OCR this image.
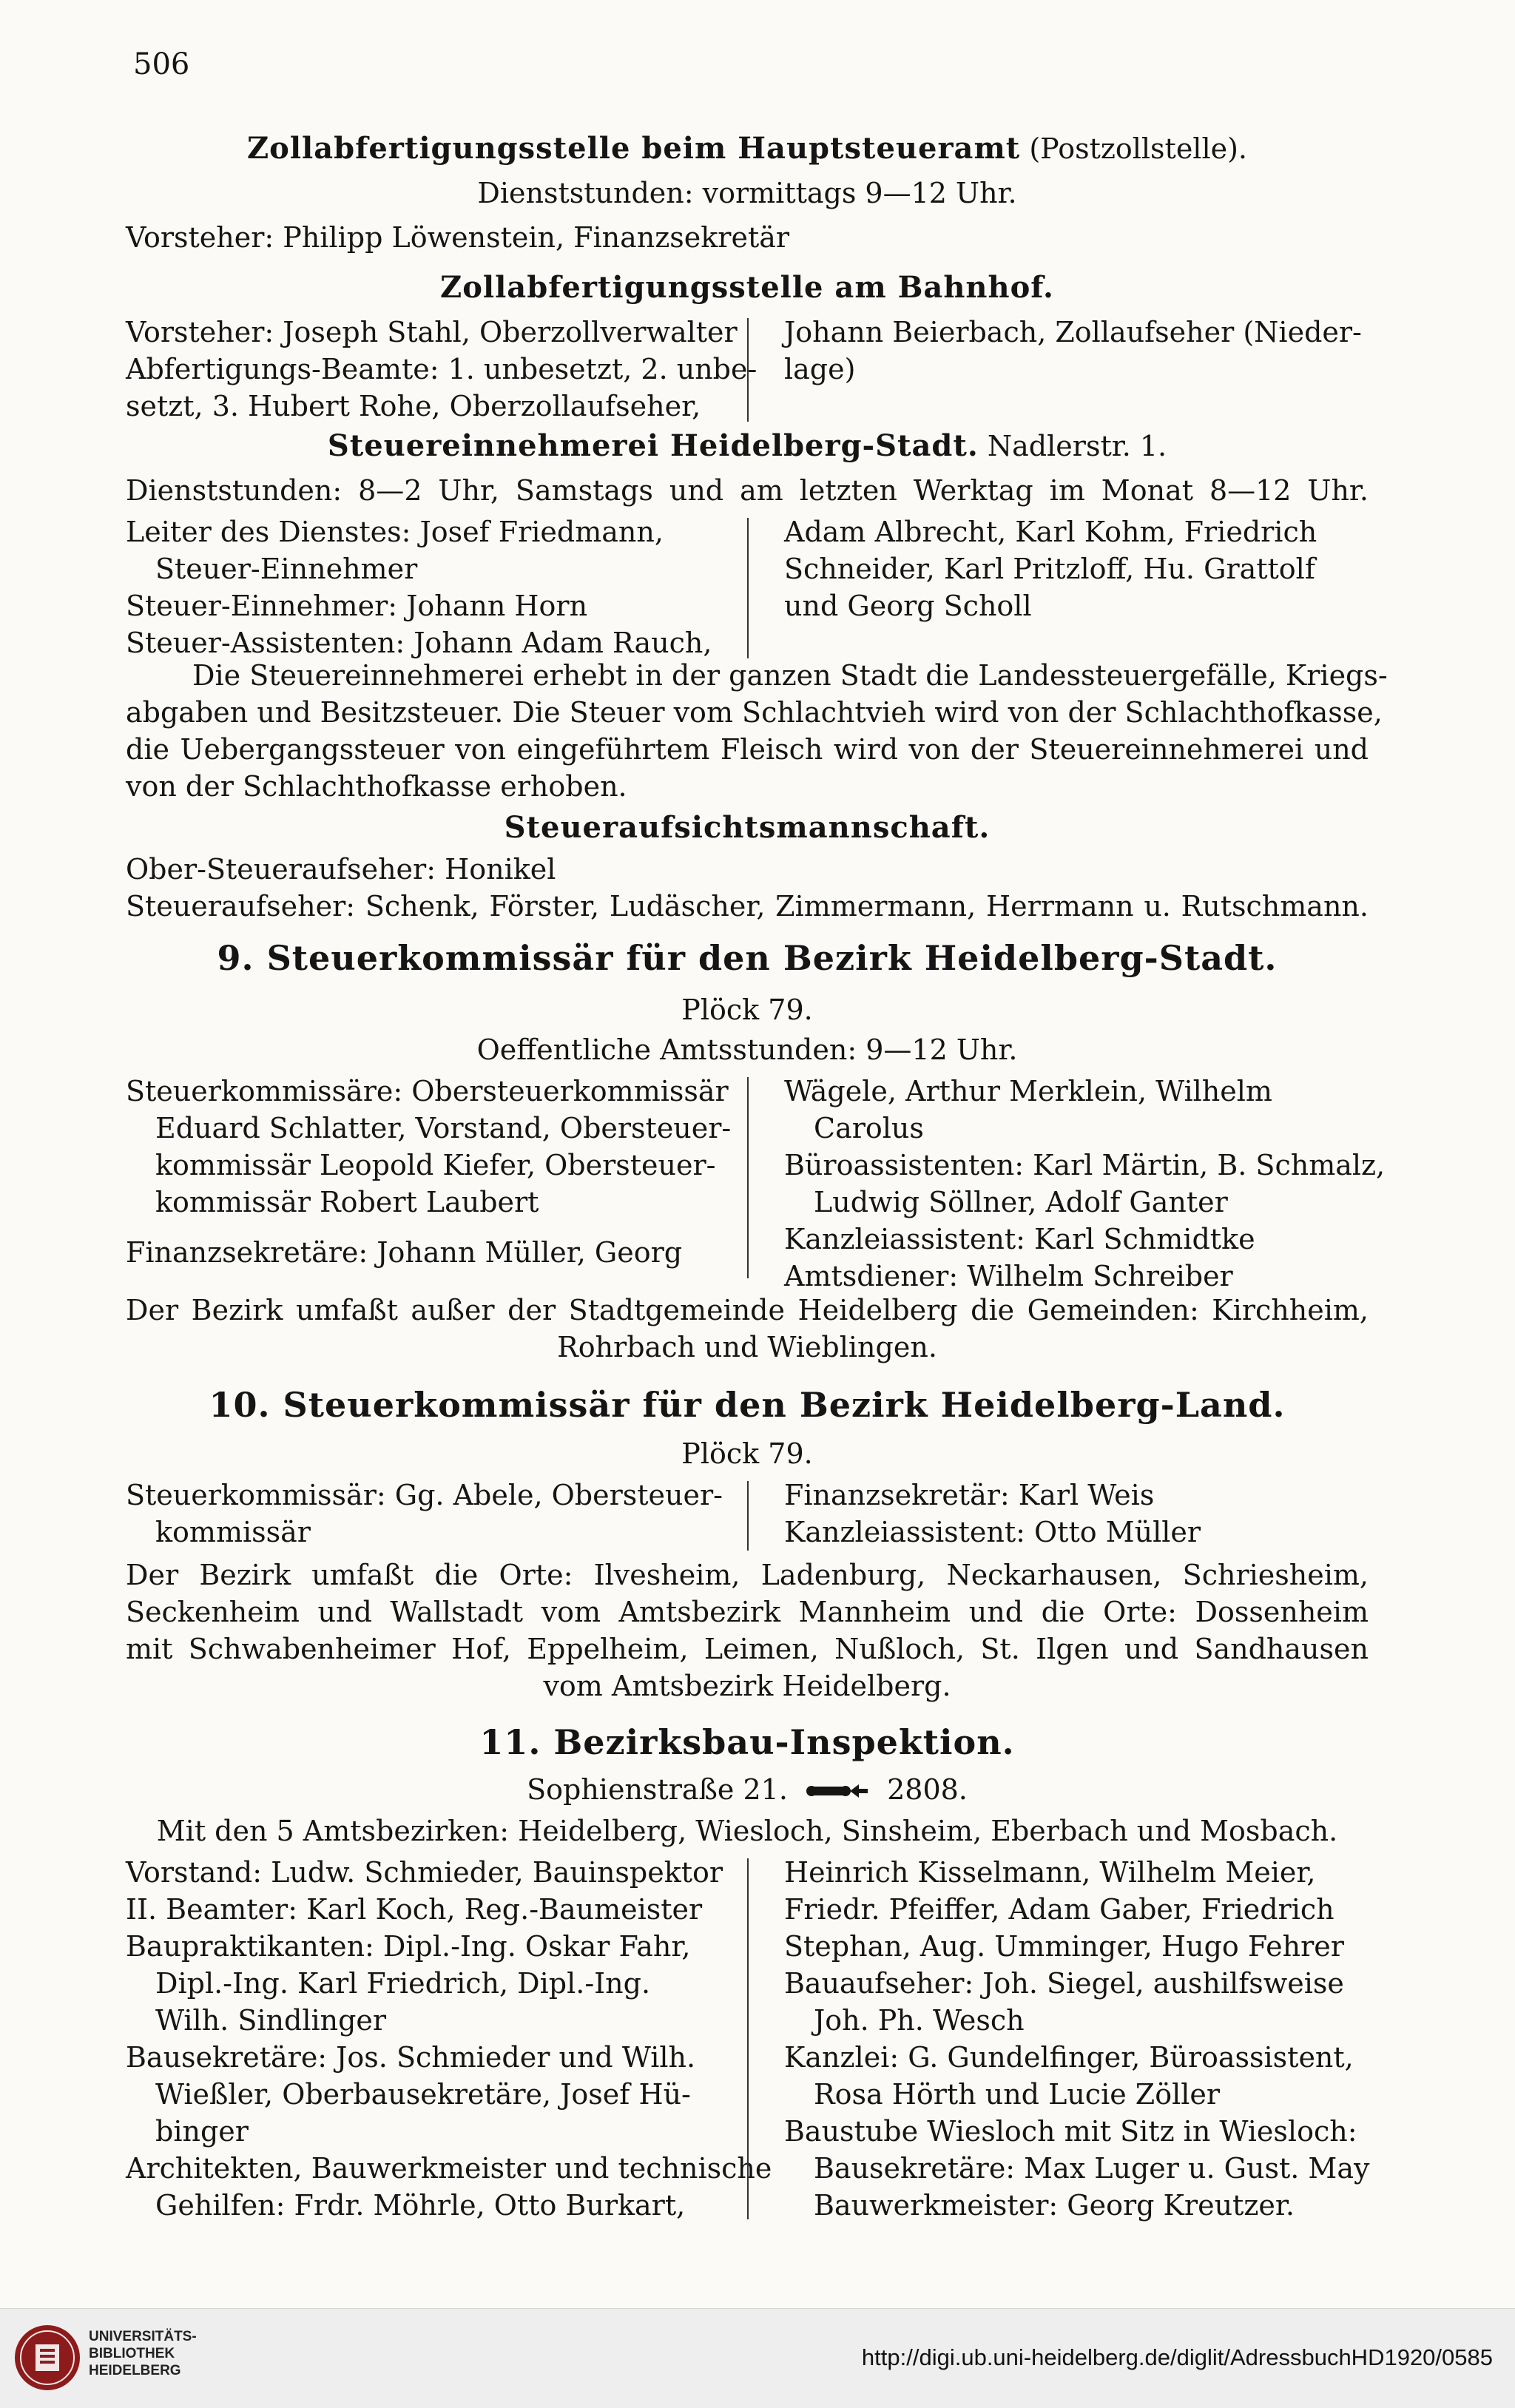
506
Zollabfertigungsstelle beim Hauptsteueramt (Postzollstelle).
Dienststunden: vormittags 9—12 Uhr.
Vorsteher: Philipp Löwenstein, Finanzsekretär
Zollabfertigungsstelle am Bahnhof.
Vorsteher: Joseph Stahl, Oberzollverwalter
Abfertigungs-Beamte: 1. unbesetzt, 2. unbe-
setzt, 3. Hubert Rohe, Oberzollaufseher,
Johann Beierbach, Zollaufseher (Nieder-
lage)
Steuereinnehmerei Heidelberg-Stadt. Nadlerstr. 1.
Dienststunden: 8—2 Uhr, Samstags und am letzten Werktag im Monat 8—12 Uhr.
Leiter des Dienstes: Josef Friedmann,
Steuer-Einnehmer
Steuer-Einnehmer: Johann Horn
Steuer-Assistenten: Johann Adam Rauch,
Adam Albrecht, Karl Kohm, Friedrich
Schneider, Karl Pritzloff, Hu. Grattolf
und Georg Scholl
Die Steuereinnehmerei erhebt in der ganzen Stadt die Landessteuergefälle, Kriegs-
abgaben und Besitzsteuer. Die Steuer vom Schlachtvieh wird von der Schlachthofkasse,
die Uebergangssteuer von eingeführtem Fleisch wird von der Steuereinnehmerei und
von der Schlachthofkasse erhoben.
Steueraufsichtsmannschaft.
Ober-Steueraufseher: Honikel
Steueraufseher: Schenk, Förster, Ludäscher, Zimmermann, Herrmann u. Rutschmann.
9. Steuerkommissär für den Bezirk Heidelberg-Stadt.
Plöck 79.
Oeffentliche Amtsstunden: 9—12 Uhr.
Steuerkommissäre: Obersteuerkommissär
Eduard Schlatter, Vorstand, Obersteuer-
kommissär Leopold Kiefer, Obersteuer-
kommissär Robert Laubert
Finanzsekretäre: Johann Müller, Georg
Wägele, Arthur Merklein, Wilhelm
Carolus
Büroassistenten: Karl Märtin, B. Schmalz,
Ludwig Söllner, Adolf Ganter
Kanzleiassistent: Karl Schmidtke
Amtsdiener: Wilhelm Schreiber
Der Bezirk umfaßt außer der Stadtgemeinde Heidelberg die Gemeinden: Kirchheim,
Rohrbach und Wieblingen.
10. Steuerkommissär für den Bezirk Heidelberg-Land.
Plöck 79.
Steuerkommissär: Gg. Abele, Obersteuer-
kommissär
Finanzsekretär: Karl Weis
Kanzleiassistent: Otto Müller
Der Bezirk umfaßt die Orte: Ilvesheim, Ladenburg, Neckarhausen, Schriesheim,
Seckenheim und Wallstadt vom Amtsbezirk Mannheim und die Orte: Dossenheim
mit Schwabenheimer Hof, Eppelheim, Leimen, Nußloch, St. Ilgen und Sandhausen
vom Amtsbezirk Heidelberg.
11. Bezirksbau-Inspektion.
Sophienstraße 21.	2808.
Mit den 5 Amtsbezirken: Heidelberg, Wiesloch, Sinsheim, Eberbach und Mosbach.
Vorstand: Ludw. Schmieder, Bauinspektor
II. Beamter: Karl Koch, Reg.-Baumeister
Baupraktikanten: Dipl.-Ing. Oskar Fahr,
Dipl.-Ing. Karl Friedrich, Dipl.-Ing.
Wilh. Sindlinger
Bausekretäre: Jos. Schmieder und Wilh.
Wießler, Oberbausekretäre, Josef Hü-
binger
Architekten, Bauwerkmeister und technische
Gehilfen: Frdr. Möhrle, Otto Burkart,
Heinrich Kisselmann, Wilhelm Meier,
Friedr. Pfeiffer, Adam Gaber, Friedrich
Stephan, Aug. Umminger, Hugo Fehrer
Bauaufseher: Joh. Siegel, aushilfsweise
Joh. Ph. Wesch
Kanzlei: G. Gundelfinger, Büroassistent,
Rosa Hörth und Lucie Zöller
Baustube Wiesloch mit Sitz in Wiesloch:
Bausekretäre: Max Luger u. Gust. May
Bauwerkmeister: Georg Kreutzer.
UNIVERSITÄTS-
BIBLIOTHEK
HEIDELBERG
http://digi.ub.uni-heidelberg.de/diglit/AdressbuchHD1920/0585
